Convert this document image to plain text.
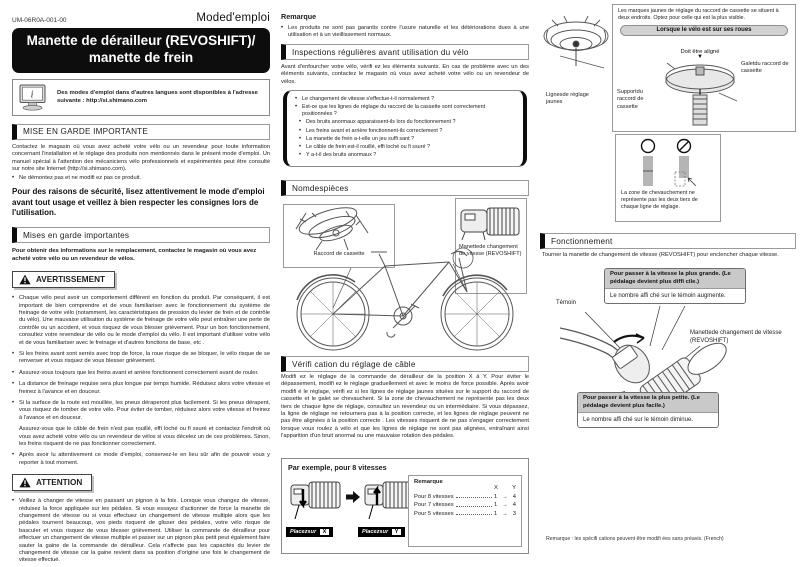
UM-06R0A-001-00	Moded'emploi
Manette de dérailleur (REVOSHIFT)/
manette de frein
i	Des modes d'emploi dans d'autres langues sont disponibles à l'adresse suivante : http://si.shimano.com
MISE EN GARDE IMPORTANTE
Contactez le magasin où vous avez acheté votre vélo ou un revendeur pour toute information concernant l'installation et le réglage des produits non mentionnés dans le présent mode d'emploi. Un manuel spécial à l'attention des mécaniciens vélo professionnels et expérimentés peut être consulté sur notre site Internet (http://si.shimano.com).
• Ne démontez pas et ne modifi ez pas ce produit.
Pour des raisons de sécurité, lisez attentivement le mode d'emploi avant tout usage et veillez à bien respecter les consignes lors de l'utilisation.
Mises en garde importantes
Pour obtenir des informations sur le remplacement, contactez le magasin où vous avez acheté votre vélo ou un revendeur de vélos.
AVERTISSEMENT
• Chaque vélo peut avoir un comportement différent en fonction du produit. Par conséquent, il est important de bien comprendre et de vous familiariser avec le fonctionnement du système de freinage de votre vélo (notamment, les caractéristiques de pression du levier de frein et de contrôle du vélo). Une mauvaise utilisation du système de freinage de votre vélo peut entraîner une perte de contrôle ou un accident, et vous risquez de vous blesser grièvement. Pour un bon fonctionnement, consultez votre revendeur de vélo ou le mode d'emploi du vélo. Il est important d'utiliser votre vélo et de vous familiariser avec le freinage et d'autres fonctions de base, etc .
• Si les freins avant sont serrés avec trop de force, la roue risque de se bloquer, le vélo risque de se renverser et vous risquez de vous blesser grièvement.
• Assurez-vous toujours que les freins avant et arrière fonctionnent correctement avant de rouler.
• La distance de freinage requise sera plus longue par temps humide. Réduisez alors votre vitesse et freinez à l'avance et en douceur.
• Si la surface de la route est mouillée, les pneus déraperont plus facilement. Si les pneus dérapent, vous risquez de tomber de votre vélo. Pour éviter de tomber, réduisez alors votre vitesse et freinez à l'avance et en douceur.
Assurez-vous que le câble de frein n'est pas rouillé, effi loché ou fi ssuré et contactez l'endroit où vous avez acheté votre vélo ou un revendeur de vélos si vous décelez un de ces problèmes. Sinon, les freins risquent de ne pas fonctionner correctement.
• Après avoir lu attentivement ce mode d'emploi, conservez-le en lieu sûr afin de pouvoir vous y reporter à tout moment.
ATTENTION
• Veillez à changer de vitesse en passant un pignon à la fois. Lorsque vous changez de vitesse, réduisez la force appliquée sur les pédales. Si vous essayez d'actionner de force la manette de changement de vitesse ou si vous effectuez un changement de vitesse multiple alors que les pédales tournent beaucoup, vos pieds risquent de glisser des pédales, votre vélo risque de basculer et vous risquez de vous blesser grièvement. Utiliser la commande de dérailleur pour effectuer un changement de vitesse multiple et passer sur un pignon plus petit peut également faire sauter la gaine de la commande de dérailleur. Cela n'affecte pas les capacités du levier de changement de vitesse car la gaine revient dans sa position d'origine une fois le changement de vitesse effectué.
Remarque
• Les produits ne sont pas garantis contre l'usure naturelle et les détériorations dues à une utilisation et à un vieillissement normaux.
Inspections régulières avant utilisation du vélo
Avant d'enfourcher votre vélo, vérifi ez les éléments suivants. En cas de problème avec un des éléments suivants, contactez le magasin où vous avez acheté votre vélo ou un revendeur de vélos.
• Le changement de vitesse s'effectue-t-il normalement ?
• Est-ce que les lignes de réglage du raccord de la cassette sont correctement positionnées ?
• Des bruits anormaux apparaissent-ils lors du fonctionnement ?
• Les freins avant et arrière fonctionnent-ils correctement ?
• La manette de frein a-t-elle un jeu suffi sant ?
• Le câble de frein est-il rouillé, effi loché ou fi ssuré ?
• Y a-t-il des bruits anormaux ?
Nomdespièces
Raccord de cassette
Manettede changement de vitesse (REVOSHIFT)
Vérifi cation du réglage de câble
Modifi ez le réglage de la commande de dérailleur de la position X à Y. Pour éviter le dépassement, modifi ez le réglage graduellement et avec le moins de force possible. Après avoir modifi é le réglage, vérifi ez si les lignes de réglage jaunes situées sur le support du raccord de cassette et le galet se chevauchent. Si la zone de chevauchement ne représente pas les deux tiers de chaque ligne de réglage, consultez un revendeur ou un intermédiaire. Si vous dépassez, la ligne de réglage ne retournera pas à la position correcte, et les lignes de réglage peuvent ne pas être alignées à la position correcte . Les vitesses risquent de ne pas s'engager correctement lorsque vous roulez à vélo et que les lignes de réglage ne sont pas alignées, entraînant ainsi l'apparition d'un bruit anormal ou une mauvaise rotation des pédales.
Par exemple, pour 8 vitesses
Placezsur	X	Placezsur	Y
Remarque
X Y
Pour 8 vitesses	1 → 4
Pour 7 vitesses	1 → 4
Pour 5 vitesses	1 → 3
Lignesde réglage jaunes
Les marques jaunes de réglage du raccord de cassette se situent à deux endroits. Optez pour celle qui est la plus visible.
Lorsque le vélo est sur ses roues
Doit être aligné
▼
Galetdu raccord de cassette
Supportdu raccord de cassette
La zone de chevauchement ne représente pas les deux tiers de chaque ligne de réglage.
Fonctionnement
Tourner la manette de changement de vitesse (REVOSHIFT) pour enclencher chaque vitesse.
Pour passer à la vitesse la plus grande. (Le pédalage devient plus diffi cile.)
Le nombre affi ché sur le témoin augmente.
Témoin
Manettede changement de vitesse (REVOSHIFT)
Pour passer à la vitesse la plus petite. (Le pédalage devient plus facile.)
Le nombre affi ché sur le témoin diminue.
Remarque : les spécifi cations peuvent être modifi ées sans préavis. (French)
